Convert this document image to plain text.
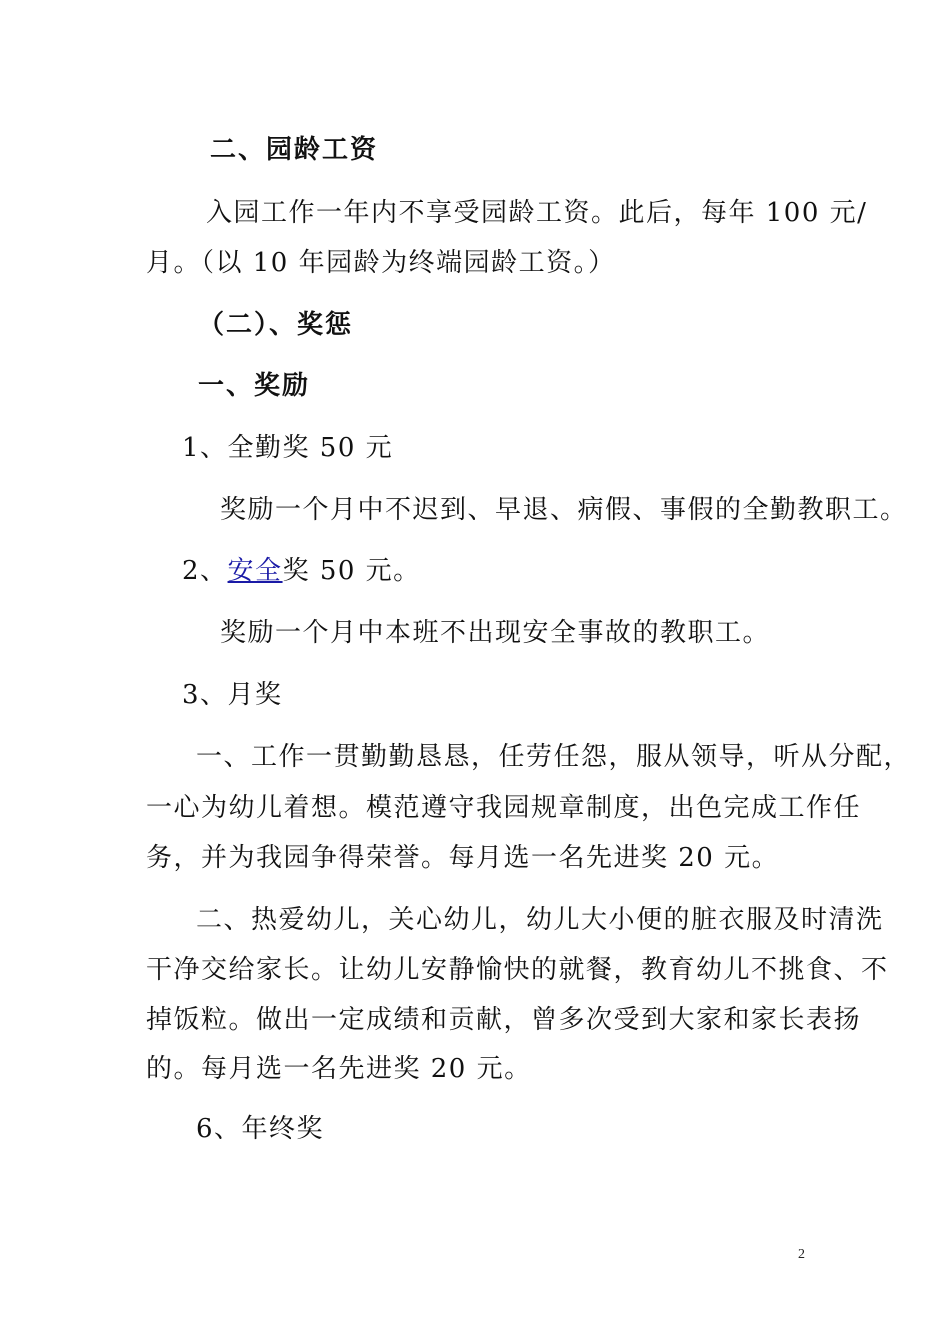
二、园龄工资
入园工作一年内不享受园龄工资。此后，每年 100 元/
月。（以 10 年园龄为终端园龄工资。）
（二）、奖惩
一、奖励
1、全勤奖 50 元
奖励一个月中不迟到、早退、病假、事假的全勤教职工。
2、安全奖 50 元。
奖励一个月中本班不出现安全事故的教职工。
3、月奖
一、工作一贯勤勤恳恳，任劳任怨，服从领导，听从分配，
一心为幼儿着想。模范遵守我园规章制度，出色完成工作任
务，并为我园争得荣誉。每月选一名先进奖 20 元。
二、热爱幼儿，关心幼儿，幼儿大小便的脏衣服及时清洗
干净交给家长。让幼儿安静愉快的就餐，教育幼儿不挑食、不
掉饭粒。做出一定成绩和贡献，曾多次受到大家和家长表扬
的。每月选一名先进奖 20 元。
6、年终奖
2
